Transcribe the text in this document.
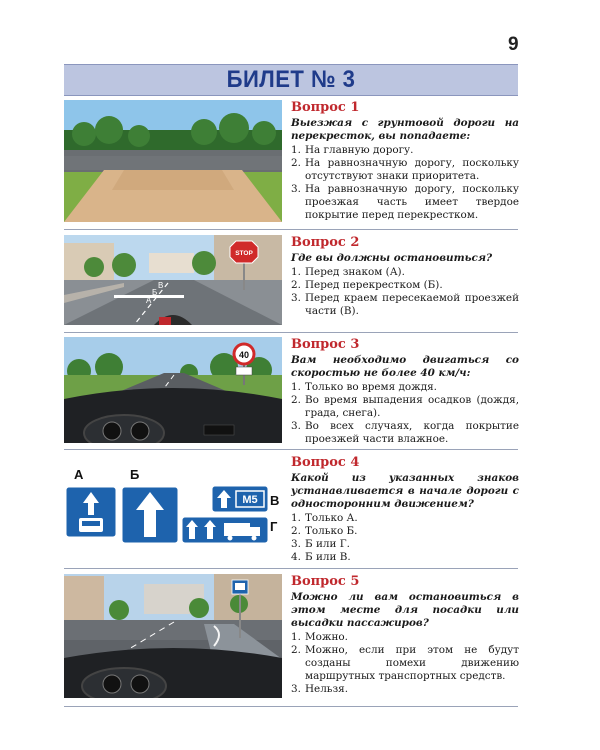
9
БИЛЕТ № 3
Вопрос 1
Выезжая с грунтовой дороги на перекресток, вы попадаете:
1. На главную дорогу.
2. На равнозначную дорогу, поскольку отсутствуют знаки приоритета.
3. На равнозначную дорогу, поскольку проезжая часть имеет твердое покрытие перед перекрестком.
STOP
В
Б
А
Вопрос 2
Где вы должны остановиться?
1. Перед знаком (А).
2. Перед перекрестком (Б).
3. Перед краем пересекаемой проезжей части (В).
40
Вопрос 3
Вам необходимо двигаться со скоростью не более 40 км/ч:
1. Только во время дождя.
2. Во время выпадения осадков (дождя, града, снега).
3. Во всех случаях, когда покрытие проезжей части влажное.
А	Б
В
Г
M5
Вопрос 4
Какой из указанных знаков устанавливается в начале дороги с односторонним движением?
1. Только А.
2. Только Б.
3. Б или Г.
4. Б или В.
Вопрос 5
Можно ли вам остановиться в этом месте для посадки или высадки пассажиров?
1. Можно.
2. Можно, если при этом не будут созданы помехи движению маршрутных транспортных средств.
3. Нельзя.
